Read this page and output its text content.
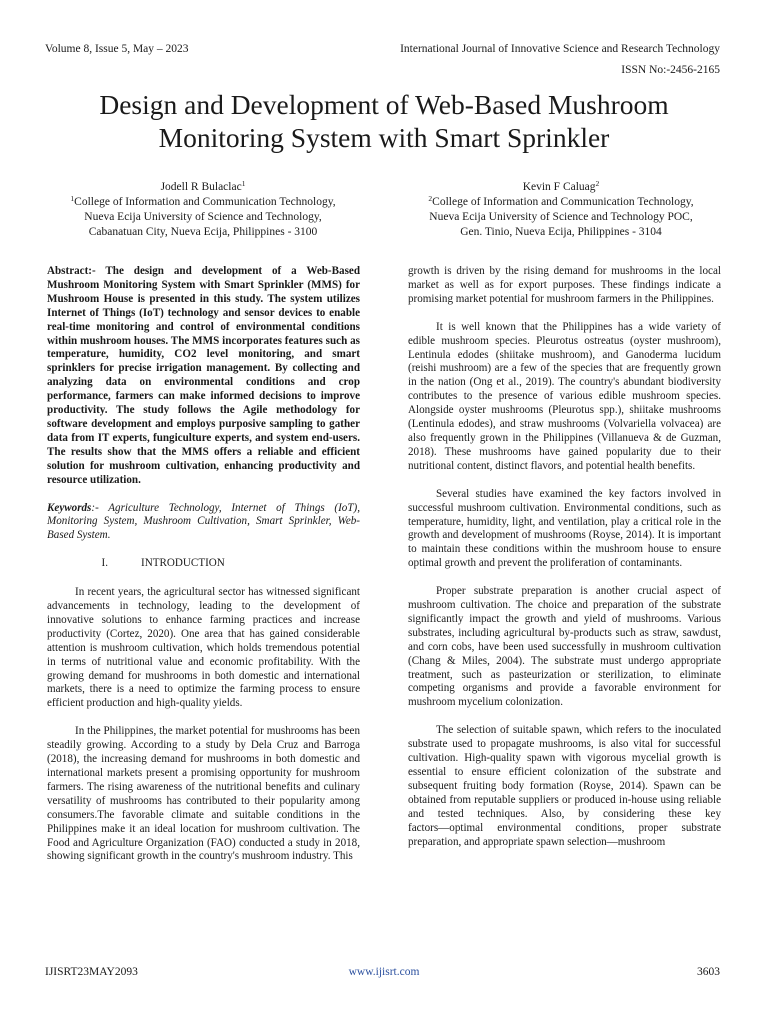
Volume 8, Issue 5, May – 2023	International Journal of Innovative Science and Research Technology
ISSN No:-2456-2165
Design and Development of Web-Based Mushroom
Monitoring System with Smart Sprinkler
Jodell R Bulaclac$^1$
$^1$College of Information and Communication Technology,
Nueva Ecija University of Science and Technology,
Cabanatuan City, Nueva Ecija, Philippines - 3100
Kevin F Caluag$^2$
$^2$College of Information and Communication Technology,
Nueva Ecija University of Science and Technology POC,
Gen. Tinio, Nueva Ecija, Philippines - 3104

Abstract:- The design and development of a Web-Based Mushroom Monitoring System with Smart Sprinkler (MMS) for Mushroom House is presented in this study. The system utilizes Internet of Things (IoT) technology and sensor devices to enable real-time monitoring and control of environmental conditions within mushroom houses. The MMS incorporates features such as temperature, humidity, CO2 level monitoring, and smart sprinklers for precise irrigation management. By collecting and analyzing data on environmental conditions and crop performance, farmers can make informed decisions to improve productivity. The study follows the Agile methodology for software development and employs purposive sampling to gather data from IT experts, fungiculture experts, and system end-users. The results show that the MMS offers a reliable and efficient solution for mushroom cultivation, enhancing productivity and resource utilization.

Keywords:- Agriculture Technology, Internet of Things (IoT), Monitoring System, Mushroom Cultivation, Smart Sprinkler, Web-Based System.

I.	INTRODUCTION

In recent years, the agricultural sector has witnessed significant advancements in technology, leading to the development of innovative solutions to enhance farming practices and increase productivity (Cortez, 2020). One area that has gained considerable attention is mushroom cultivation, which holds tremendous potential in terms of nutritional value and economic profitability. With the growing demand for mushrooms in both domestic and international markets, there is a need to optimize the farming process to ensure efficient production and high-quality yields.

In the Philippines, the market potential for mushrooms has been steadily growing. According to a study by Dela Cruz and Barroga (2018), the increasing demand for mushrooms in both domestic and international markets present a promising opportunity for mushroom farmers. The rising awareness of the nutritional benefits and culinary versatility of mushrooms has contributed to their popularity among consumers.The favorable climate and suitable conditions in the Philippines make it an ideal location for mushroom cultivation. The Food and Agriculture Organization (FAO) conducted a study in 2018, showing significant growth in the country's mushroom industry. This

growth is driven by the rising demand for mushrooms in the local market as well as for export purposes. These findings indicate a promising market potential for mushroom farmers in the Philippines.

It is well known that the Philippines has a wide variety of edible mushroom species. Pleurotus ostreatus (oyster mushroom), Lentinula edodes (shiitake mushroom), and Ganoderma lucidum (reishi mushroom) are a few of the species that are frequently grown in the nation (Ong et al., 2019). The country's abundant biodiversity contributes to the presence of various edible mushroom species. Alongside oyster mushrooms (Pleurotus spp.), shiitake mushrooms (Lentinula edodes), and straw mushrooms (Volvariella volvacea) are also frequently grown in the Philippines (Villanueva & de Guzman, 2018). These mushrooms have gained popularity due to their nutritional content, distinct flavors, and potential health benefits.

Several studies have examined the key factors involved in successful mushroom cultivation. Environmental conditions, such as temperature, humidity, light, and ventilation, play a critical role in the growth and development of mushrooms (Royse, 2014). It is important to maintain these conditions within the mushroom house to ensure optimal growth and prevent the proliferation of contaminants.

Proper substrate preparation is another crucial aspect of mushroom cultivation. The choice and preparation of the substrate significantly impact the growth and yield of mushrooms. Various substrates, including agricultural by-products such as straw, sawdust, and corn cobs, have been used successfully in mushroom cultivation (Chang & Miles, 2004). The substrate must undergo appropriate treatment, such as pasteurization or sterilization, to eliminate competing organisms and provide a favorable environment for mushroom mycelium colonization.

The selection of suitable spawn, which refers to the inoculated substrate used to propagate mushrooms, is also vital for successful cultivation. High-quality spawn with vigorous mycelial growth is essential to ensure efficient colonization of the substrate and subsequent fruiting body formation (Royse, 2014). Spawn can be obtained from reputable suppliers or produced in-house using reliable and tested techniques. Also, by considering these key factors―optimal environmental conditions, proper substrate preparation, and appropriate spawn selection―mushroom

IJISRT23MAY2093	www.ijisrt.com	3603
